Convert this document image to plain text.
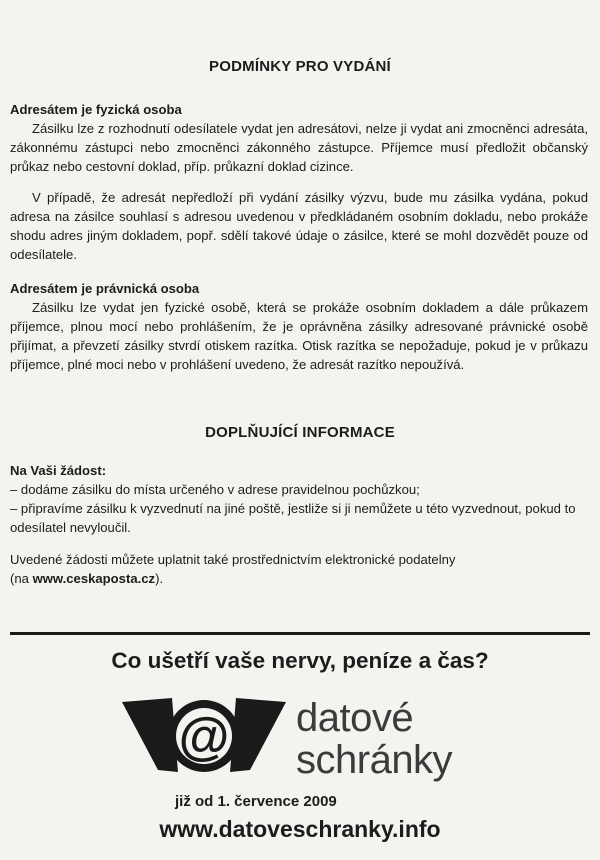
PODMÍNKY PRO VYDÁNÍ
Adresátem je fyzická osoba

Zásilku lze z rozhodnutí odesílatele vydat jen adresátovi, nelze ji vydat ani zmocněnci adresáta, zákonnému zástupci nebo zmocněnci zákonného zástupce. Příjemce musí předložit občanský průkaz nebo cestovní doklad, příp. průkazní doklad cizince.

V případě, že adresát nepředloží při vydání zásilky výzvu, bude mu zásilka vydána, pokud adresa na zásilce souhlasí s adresou uvedenou v předkládaném osobním dokladu, nebo prokáže shodu adres jiným dokladem, popř. sdělí takové údaje o zásilce, které se mohl dozvědět pouze od odesílatele.

Adresátem je právnická osoba

Zásilku lze vydat jen fyzické osobě, která se prokáže osobním dokladem a dále průkazem příjemce, plnou mocí nebo prohlášením, že je oprávněna zásilky adresované právnické osobě přijímat, a převzetí zásilky stvrdí otiskem razítka. Otisk razítka se nepožaduje, pokud je v průkazu příjemce, plné moci nebo v prohlášení uvedeno, že adresát razítko nepoužívá.

DOPLŇUJÍCÍ INFORMACE
Na Vaši žádost:
– dodáme zásilku do místa určeného v adrese pravidelnou pochůzkou;
– připravíme zásilku k vyzvednutí na jiné poště, jestliže si ji nemůžete u této vyzvednout, pokud to odesílatel nevyloučil.
Uvedené žádosti můžete uplatnit také prostřednictvím elektronické podatelny
(na www.ceskaposta.cz).
Co ušetří vaše nervy, peníze a čas?
@ datové
schránky
již od 1. července 2009
www.datoveschranky.info
